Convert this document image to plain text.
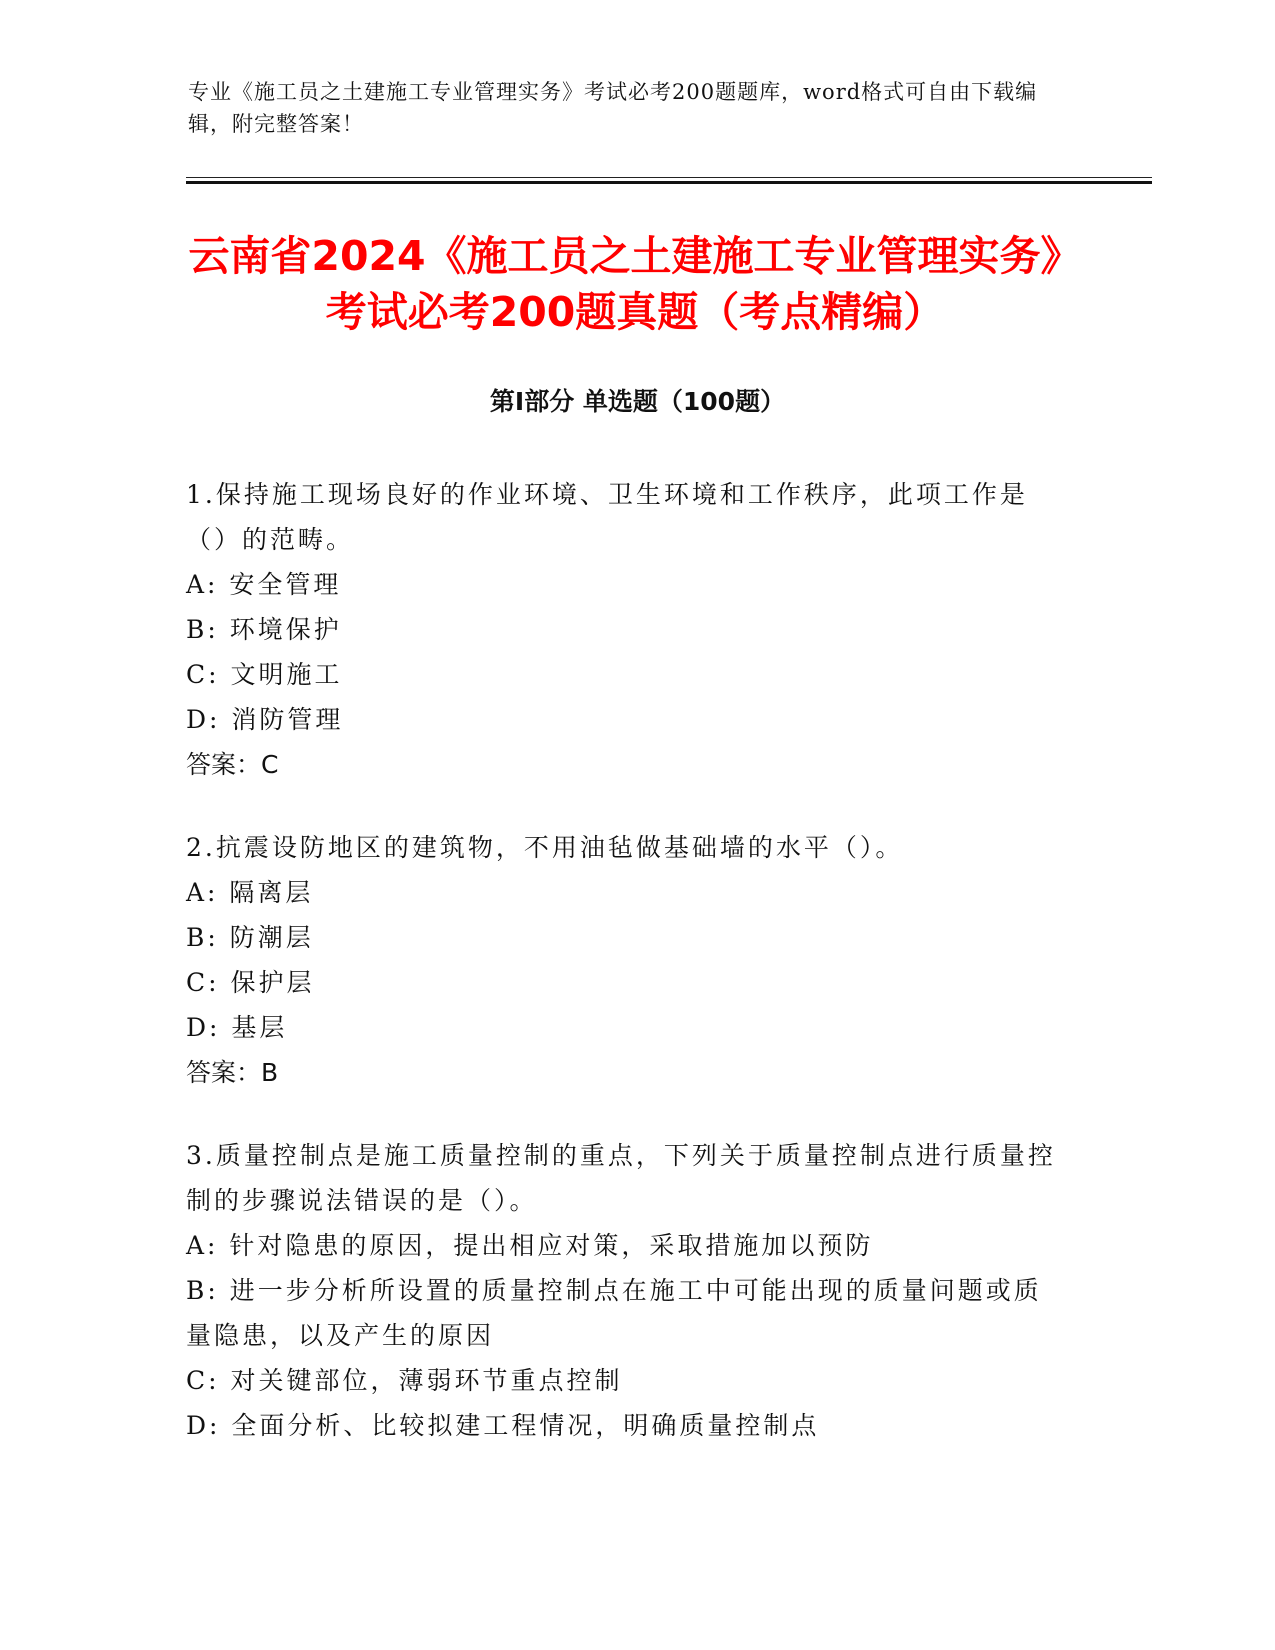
专业《施工员之土建施工专业管理实务》考试必考200题题库，word格式可自由下载编辑，附完整答案！
云南省2024《施工员之土建施工专业管理实务》考试必考200题真题（考点精编）
第Ⅰ部分 单选题（100题）

1.保持施工现场良好的作业环境、卫生环境和工作秩序，此项工作是（）的范畴。

A: 安全管理

B: 环境保护

C: 文明施工

D: 消防管理

答案：C

2.抗震设防地区的建筑物，不用油毡做基础墙的水平（）。

A: 隔离层

B: 防潮层

C: 保护层

D: 基层

答案：B

3.质量控制点是施工质量控制的重点，下列关于质量控制点进行质量控制的步骤说法错误的是（）。

A: 针对隐患的原因，提出相应对策，采取措施加以预防

B: 进一步分析所设置的质量控制点在施工中可能出现的质量问题或质量隐患，以及产生的原因

C: 对关键部位，薄弱环节重点控制

D: 全面分析、比较拟建工程情况，明确质量控制点
